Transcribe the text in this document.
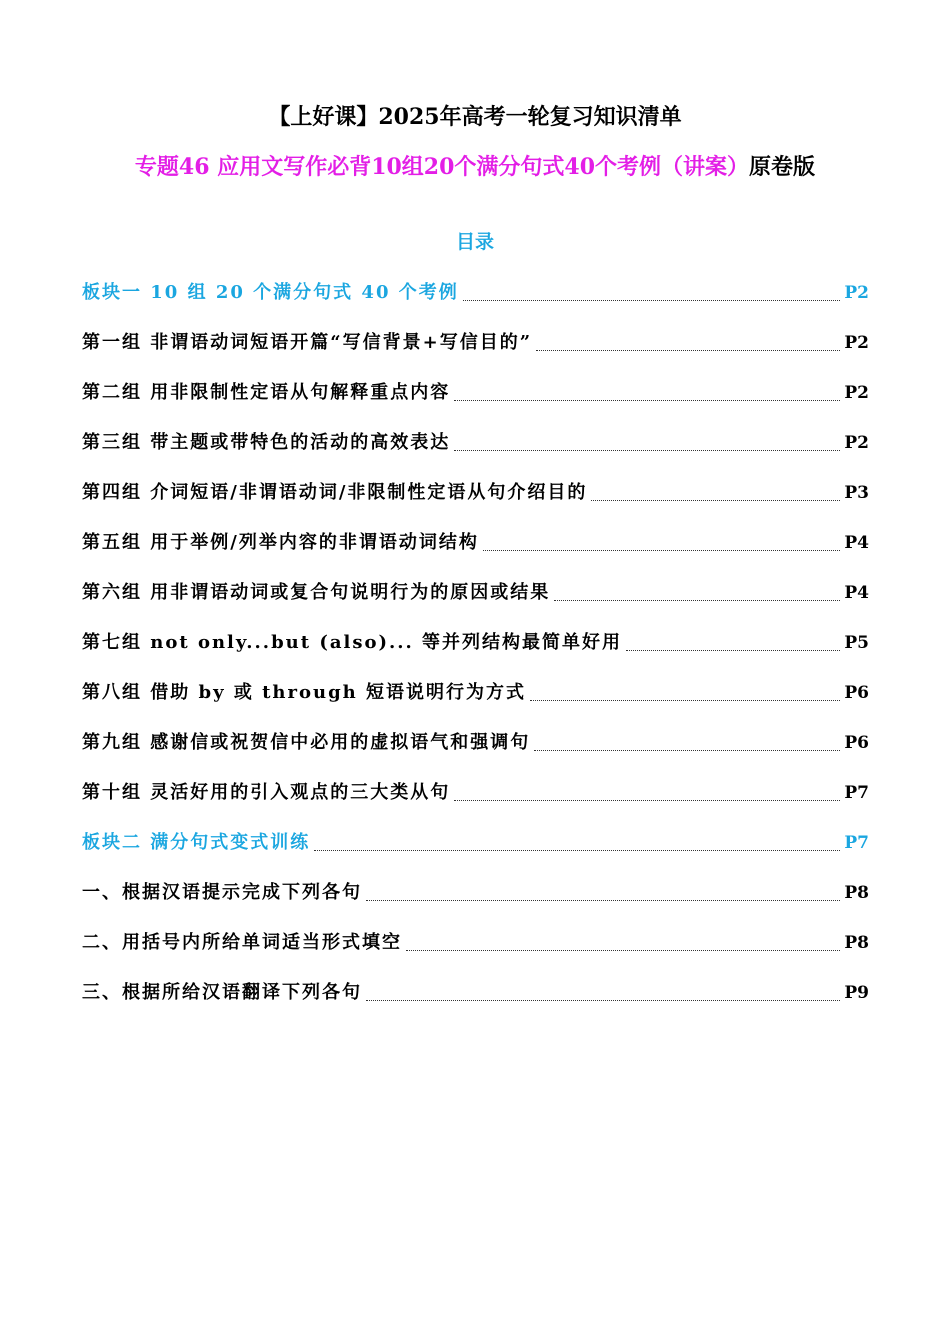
【上好课】2025年高考一轮复习知识清单
专题46 应用文写作必背10组20个满分句式40个考例（讲案）原卷版
目录
板块一 10 组 20 个满分句式 40 个考例	P2
第一组 非谓语动词短语开篇“写信背景+写信目的”	P2
第二组 用非限制性定语从句解释重点内容	P2
第三组 带主题或带特色的活动的高效表达	P2
第四组 介词短语/非谓语动词/非限制性定语从句介绍目的	P3
第五组 用于举例/列举内容的非谓语动词结构	P4
第六组 用非谓语动词或复合句说明行为的原因或结果	P4
第七组 not only...but (also)... 等并列结构最简单好用	P5
第八组 借助 by 或 through 短语说明行为方式	P6
第九组 感谢信或祝贺信中必用的虚拟语气和强调句	P6
第十组 灵活好用的引入观点的三大类从句	P7
板块二 满分句式变式训练	P7
一、根据汉语提示完成下列各句	P8
二、用括号内所给单词适当形式填空	P8
三、根据所给汉语翻译下列各句	P9
